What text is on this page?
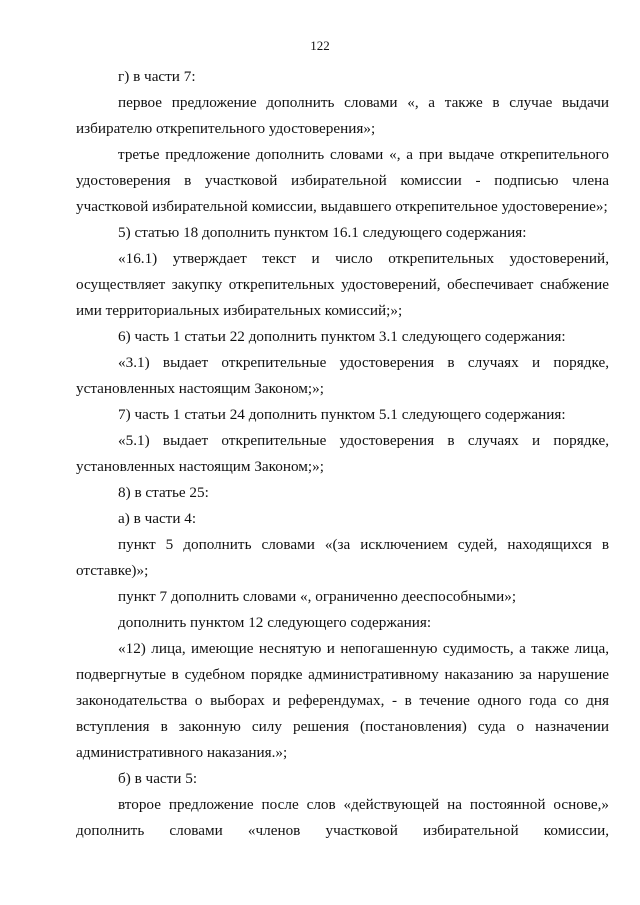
122

г) в части 7:

первое предложение дополнить словами «, а также в случае выдачи избирателю открепительного удостоверения»;

третье предложение дополнить словами «, а при выдаче открепительного удостоверения в участковой избирательной комиссии - подписью члена участковой избирательной комиссии, выдавшего открепительное удостоверение»;

5) статью 18 дополнить пунктом 16.1 следующего содержания:

«16.1) утверждает текст и число открепительных удостоверений, осуществляет закупку открепительных удостоверений, обеспечивает снабжение ими территориальных избирательных комиссий;»;

6) часть 1 статьи 22 дополнить пунктом 3.1 следующего содержания:

«3.1) выдает открепительные удостоверения в случаях и порядке, установленных настоящим Законом;»;

7) часть 1 статьи 24 дополнить пунктом 5.1 следующего содержания:

«5.1) выдает открепительные удостоверения в случаях и порядке, установленных настоящим Законом;»;

8) в статье 25:

а) в части 4:

пункт 5 дополнить словами «(за исключением судей, находящихся в отставке)»;

пункт 7 дополнить словами «, ограниченно дееспособными»;

дополнить пунктом 12 следующего содержания:

«12) лица, имеющие неснятую и непогашенную судимость, а также лица, подвергнутые в судебном порядке административному наказанию за нарушение законодательства о выборах и референдумах, - в течение одного года со дня вступления в законную силу решения (постановления) суда о назначении административного наказания.»;

б) в части 5:

второе предложение после слов «действующей на постоянной основе,» дополнить словами «членов участковой избирательной комиссии,
